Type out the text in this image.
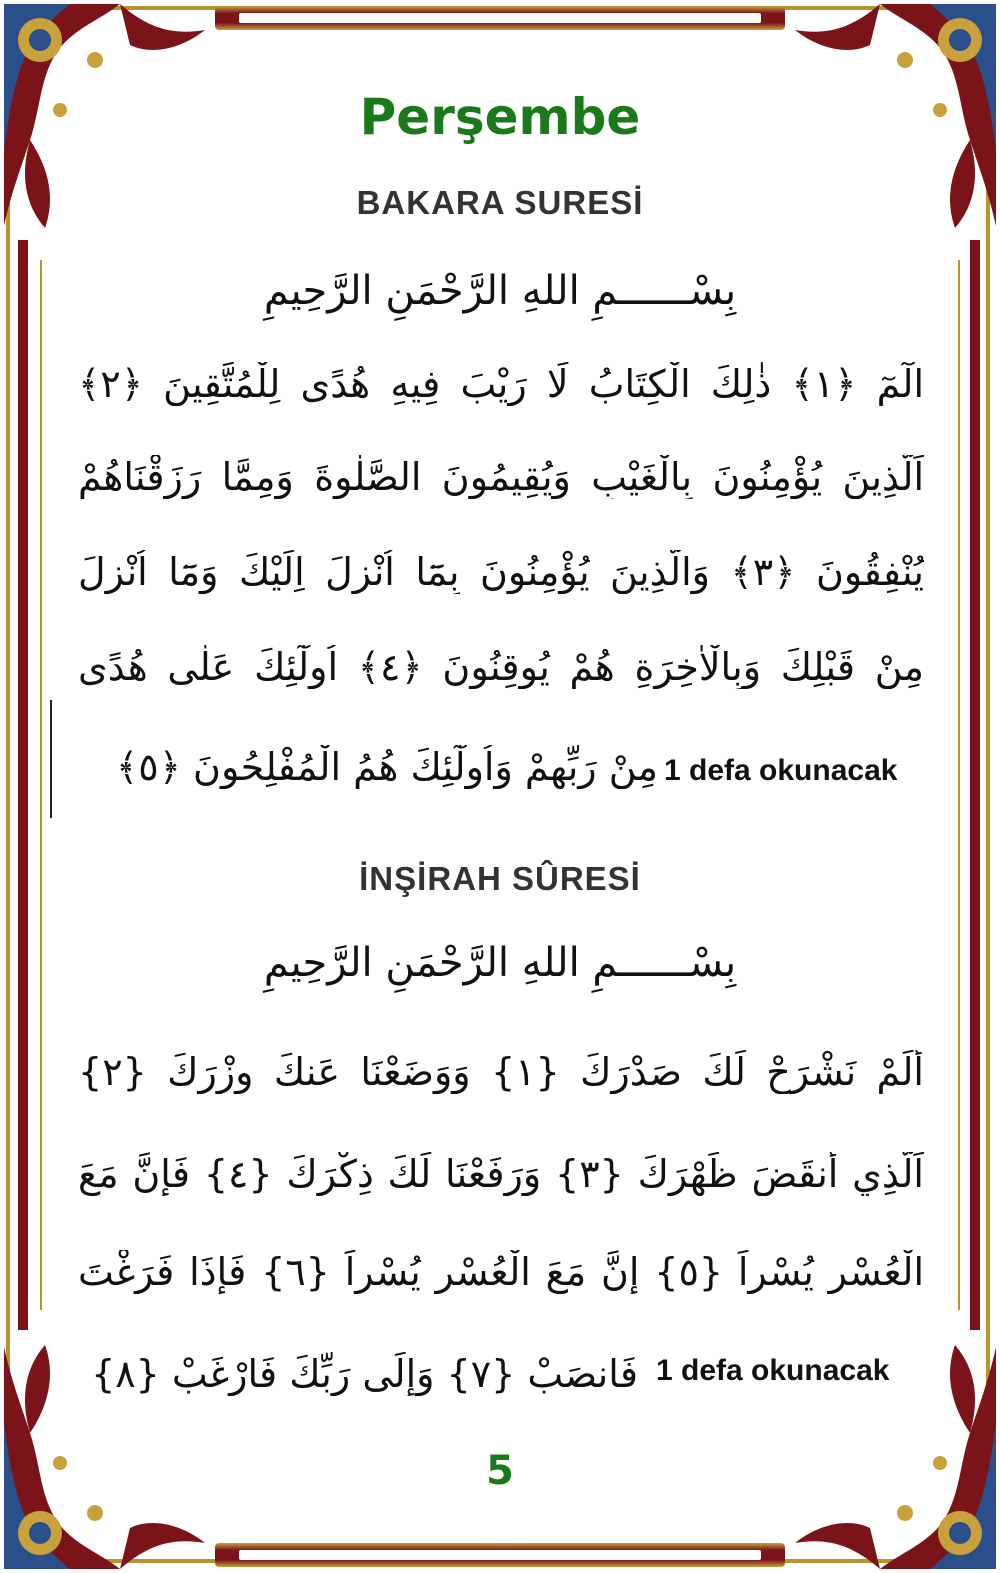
Perşembe
BAKARA SURESİ
بِسْــــــمِ اللهِ الرَّحْمَنِ الرَّحِيمِ
الٓمٓ ﴿١﴾ ذٰلِكَ الْكِتَابُ لَا رَيْبَ فِيهِ هُدًى لِلْمُتَّقِينَ ﴿٢﴾
اَلَّذِينَ يُؤْمِنُونَ بِالْغَيْبِ وَيُقِيمُونَ الصَّلٰوةَ وَمِمَّا رَزَقْنَاهُمْ
يُنْفِقُونَ ﴿٣﴾ وَالَّذِينَ يُؤْمِنُونَ بِمَٓا اُنْزِلَ اِلَيْكَ وَمَٓا اُنْزِلَ
مِنْ قَبْلِكَ وَبِالْاٰخِرَةِ هُمْ يُوقِنُونَ ﴿٤﴾ اُولٰٓئِكَ عَلٰى هُدًى
مِنْ رَبِّهِمْ وَاُولٰٓئِكَ هُمُ الْمُفْلِحُونَ ﴿٥﴾ 1 defa okunacak
İNŞİRAH SÛRESİ
بِسْــــــمِ اللهِ الرَّحْمَنِ الرَّحِيمِ
أَلَمْ نَشْرَحْ لَكَ صَدْرَكَ {١} وَوَضَعْنَا عَنكَ وِزْرَكَ {٢}
اَلَّذِي أَنقَضَ ظَهْرَكَ {٣} وَرَفَعْنَا لَكَ ذِكْرَكَ {٤} فَإِنَّ مَعَ
الْعُسْرِ يُسْراً {٥} إِنَّ مَعَ الْعُسْرِ يُسْراً {٦} فَإِذَا فَرَغْتَ
فَانصَبْ {٧} وَإِلَى رَبِّكَ فَارْغَبْ {٨} 1 defa okunacak
5
